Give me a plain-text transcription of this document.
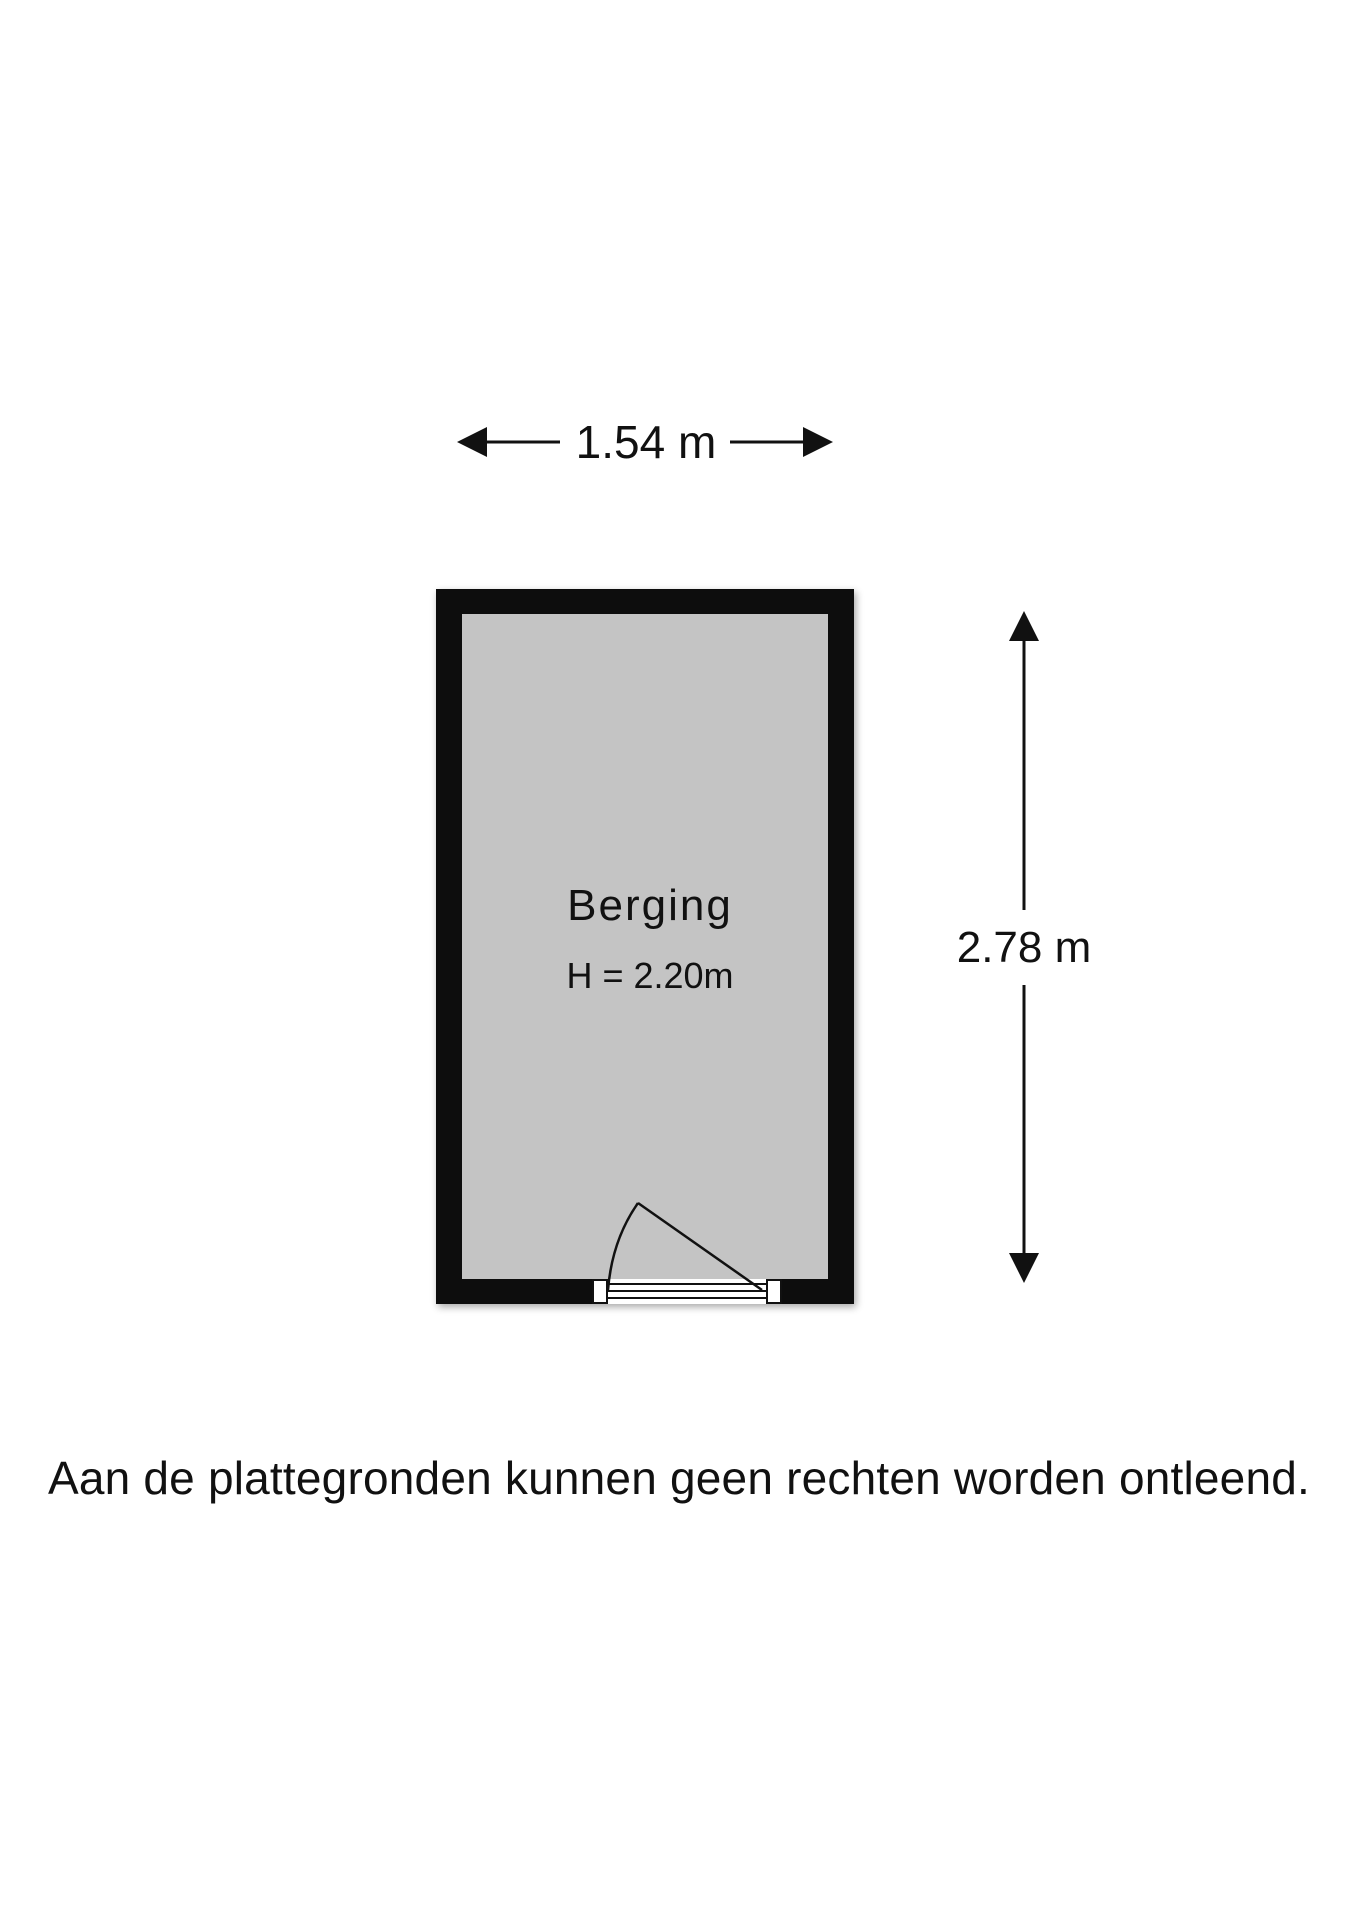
1.54 m
Berging
H = 2.20m
2.78 m
Aan de plattegronden kunnen geen rechten worden ontleend.
